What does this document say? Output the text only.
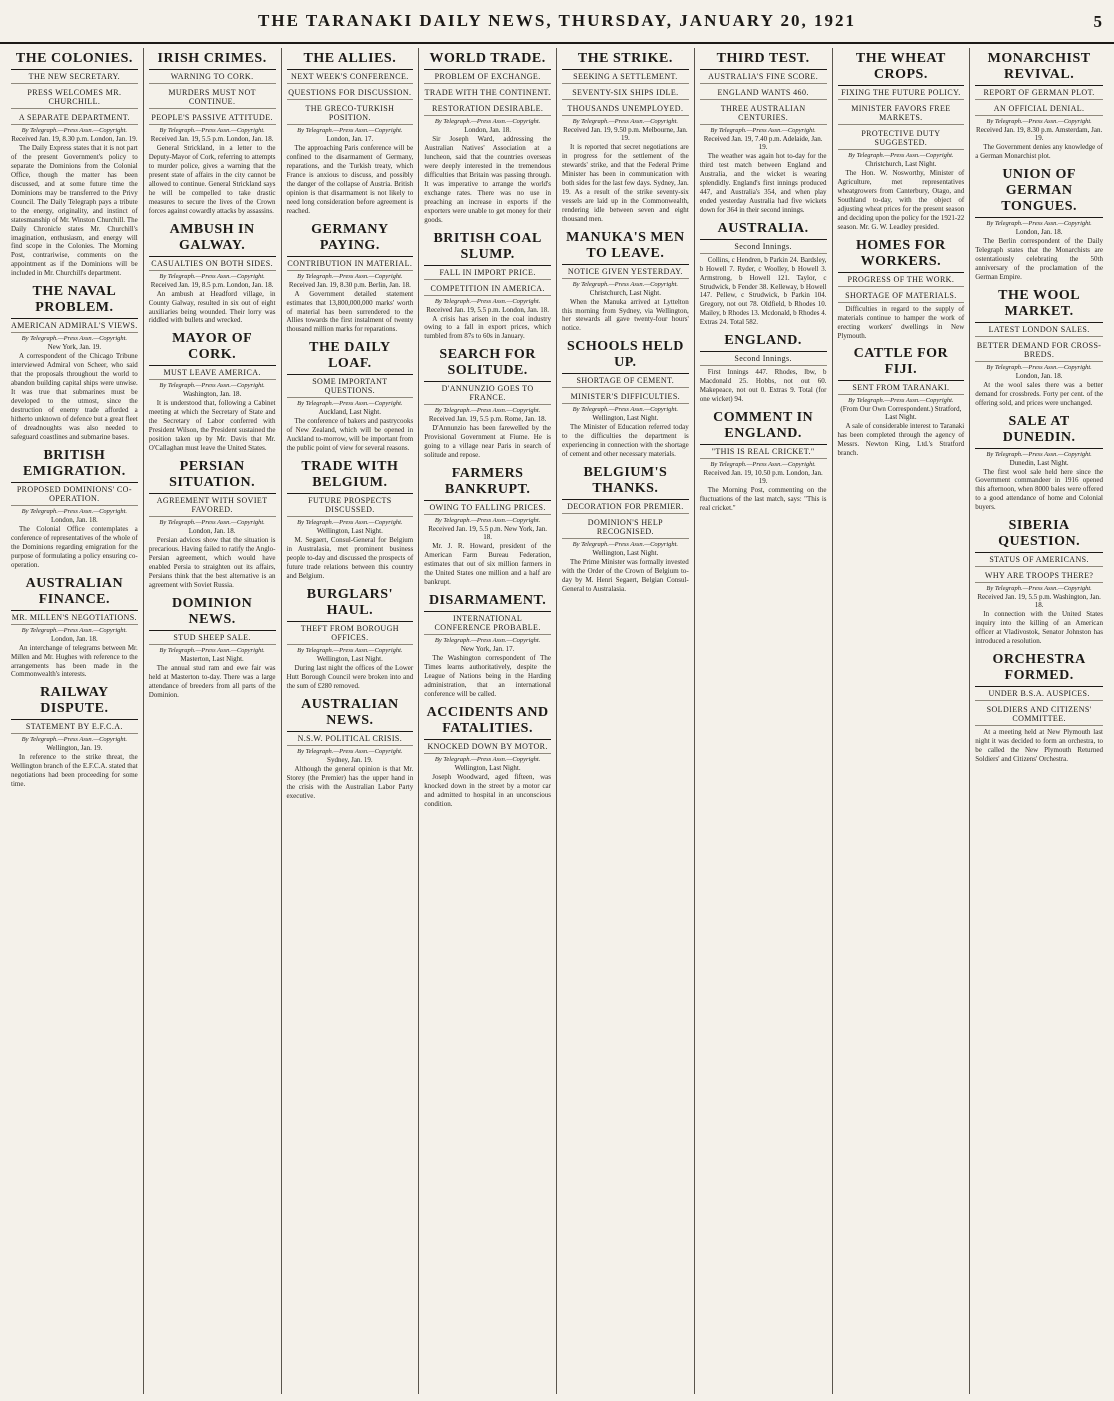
THE TARANAKI DAILY NEWS, THURSDAY, JANUARY 20, 1921	5
THE COLONIES.
THE NEW SECRETARY.
PRESS WELCOMES MR. CHURCHILL.
A SEPARATE DEPARTMENT.
By Telegraph.—Press Assn.—Copyright.
Received Jan. 19, 8.30 p.m. London, Jan. 19.
The Daily Express states that it is not part of the present Government's policy to separate the Dominions from the Colonial Office, though the matter has been discussed, and at some future time the Dominions may be transferred to the Privy Council. The Daily Telegraph pays a tribute to the energy, originality, and instinct of statesmanship of Mr. Winston Churchill. The Daily Chronicle states Mr. Churchill's imagination, enthusiasm, and energy will find scope in the Colonies. The Morning Post, contrariwise, comments on the appointment as if the Dominions will be included in Mr. Churchill's department.
THE NAVAL PROBLEM.
AMERICAN ADMIRAL'S VIEWS.
By Telegraph.—Press Assn.—Copyright.
New York, Jan. 19.
A correspondent of the Chicago Tribune interviewed Admiral von Scheer, who said that the proposals throughout the world to abandon building capital ships were unwise. It was true that submarines must be developed to the utmost, since the destruction of enemy trade afforded a hitherto unknown of defence but a great fleet of dreadnoughts was also needed to safeguard coastlines and submarine bases.
BRITISH EMIGRATION.
PROPOSED DOMINIONS' CO-OPERATION.
By Telegraph.—Press Assn.—Copyright.
London, Jan. 18.
The Colonial Office contemplates a conference of representatives of the whole of the Dominions regarding emigration for the purpose of formulating a policy ensuring co-operation.
AUSTRALIAN FINANCE.
MR. MILLEN'S NEGOTIATIONS.
By Telegraph.—Press Assn.—Copyright.
London, Jan. 18.
An interchange of telegrams between Mr. Millen and Mr. Hughes with reference to the arrangements has been made in the Commonwealth's interests.
RAILWAY DISPUTE.
STATEMENT BY E.F.C.A.
By Telegraph.—Press Assn.—Copyright.
Wellington, Jan. 19.
In reference to the strike threat, the Wellington branch of the E.F.C.A. stated that negotiations had been proceeding for some time.
IRISH CRIMES.
WARNING TO CORK.
MURDERS MUST NOT CONTINUE.
PEOPLE'S PASSIVE ATTITUDE.
By Telegraph.—Press Assn.—Copyright.
Received Jan. 19, 5.5 p.m. London, Jan. 18.
General Strickland, in a letter to the Deputy-Mayor of Cork, referring to attempts to murder police, gives a warning that the present state of affairs in the city cannot be allowed to continue. General Strickland says he will be compelled to take drastic measures to secure the lives of the Crown forces against cowardly attacks by assassins.
AMBUSH IN GALWAY.
CASUALTIES ON BOTH SIDES.
By Telegraph.—Press Assn.—Copyright.
Received Jan. 19, 8.5 p.m. London, Jan. 18.
An ambush at Headford village, in County Galway, resulted in six out of eight auxiliaries being wounded. Their lorry was riddled with bullets and wrecked.
MAYOR OF CORK.
MUST LEAVE AMERICA.
By Telegraph.—Press Assn.—Copyright.
Washington, Jan. 18.
It is understood that, following a Cabinet meeting at which the Secretary of State and the Secretary of Labor conferred with President Wilson, the President sustained the position taken up by Mr. Davis that Mr. O'Callaghan must leave the United States.
PERSIAN SITUATION.
AGREEMENT WITH SOVIET FAVORED.
By Telegraph.—Press Assn.—Copyright.
London, Jan. 18.
Persian advices show that the situation is precarious. Having failed to ratify the Anglo-Persian agreement, which would have enabled Persia to straighten out its affairs, Persians think that the best alternative is an agreement with Soviet Russia.
DOMINION NEWS.
STUD SHEEP SALE.
By Telegraph.—Press Assn.—Copyright.
Masterton, Last Night.
The annual stud ram and ewe fair was held at Masterton to-day. There was a large attendance of breeders from all parts of the Dominion.
THE ALLIES.
NEXT WEEK'S CONFERENCE.
QUESTIONS FOR DISCUSSION.
THE GRECO-TURKISH POSITION.
By Telegraph.—Press Assn.—Copyright.
London, Jan. 17.
The approaching Paris conference will be confined to the disarmament of Germany, reparations, and the Turkish treaty, which France is anxious to discuss, and possibly the danger of the collapse of Austria. British opinion is that disarmament is not likely to need long consideration before agreement is reached.
GERMANY PAYING.
CONTRIBUTION IN MATERIAL.
By Telegraph.—Press Assn.—Copyright.
Received Jan. 19, 8.30 p.m. Berlin, Jan. 18.
A Government detailed statement estimates that 13,800,000,000 marks' worth of material has been surrendered to the Allies towards the first instalment of twenty thousand million marks for reparations.
THE DAILY LOAF.
SOME IMPORTANT QUESTIONS.
By Telegraph.—Press Assn.—Copyright.
Auckland, Last Night.
The conference of bakers and pastrycooks of New Zealand, which will be opened in Auckland to-morrow, will be important from the public point of view for several reasons.
TRADE WITH BELGIUM.
FUTURE PROSPECTS DISCUSSED.
By Telegraph.—Press Assn.—Copyright.
Wellington, Last Night.
M. Segaert, Consul-General for Belgium in Australasia, met prominent business people to-day and discussed the prospects of future trade relations between this country and Belgium.
BURGLARS' HAUL.
THEFT FROM BOROUGH OFFICES.
By Telegraph.—Press Assn.—Copyright.
Wellington, Last Night.
During last night the offices of the Lower Hutt Borough Council were broken into and the sum of £280 removed.
AUSTRALIAN NEWS.
N.S.W. POLITICAL CRISIS.
By Telegraph.—Press Assn.—Copyright.
Sydney, Jan. 19.
Although the general opinion is that Mr. Storey (the Premier) has the upper hand in the crisis with the Australian Labor Party executive.
WORLD TRADE.
PROBLEM OF EXCHANGE.
TRADE WITH THE CONTINENT.
RESTORATION DESIRABLE.
By Telegraph.—Press Assn.—Copyright.
London, Jan. 18.
Sir Joseph Ward, addressing the Australian Natives' Association at a luncheon, said that the countries overseas were deeply interested in the tremendous difficulties that Britain was passing through. It was imperative to arrange the world's exchange rates. There was no use in preaching an increase in exports if the exporters were unable to get money for their goods.
BRITISH COAL SLUMP.
FALL IN IMPORT PRICE.
COMPETITION IN AMERICA.
By Telegraph.—Press Assn.—Copyright.
Received Jan. 19, 5.5 p.m. London, Jan. 18.
A crisis has arisen in the coal industry owing to a fall in export prices, which tumbled from 87s to 60s in January.
SEARCH FOR SOLITUDE.
D'ANNUNZIO GOES TO FRANCE.
By Telegraph.—Press Assn.—Copyright.
Received Jan. 19, 5.5 p.m. Rome, Jan. 18.
D'Annunzio has been farewelled by the Provisional Government at Fiume. He is going to a village near Paris in search of solitude and repose.
FARMERS BANKRUPT.
OWING TO FALLING PRICES.
By Telegraph.—Press Assn.—Copyright.
Received Jan. 19, 5.5 p.m. New York, Jan. 18.
Mr. J. R. Howard, president of the American Farm Bureau Federation, estimates that out of six million farmers in the United States one million and a half are bankrupt.
DISARMAMENT.
INTERNATIONAL CONFERENCE PROBABLE.
By Telegraph.—Press Assn.—Copyright.
New York, Jan. 17.
The Washington correspondent of The Times learns authoritatively, despite the League of Nations being in the Harding administration, that an international conference will be called.
ACCIDENTS AND FATALITIES.
KNOCKED DOWN BY MOTOR.
By Telegraph.—Press Assn.—Copyright.
Wellington, Last Night.
Joseph Woodward, aged fifteen, was knocked down in the street by a motor car and admitted to hospital in an unconscious condition.
THE STRIKE.
SEEKING A SETTLEMENT.
SEVENTY-SIX SHIPS IDLE.
THOUSANDS UNEMPLOYED.
By Telegraph.—Press Assn.—Copyright.
Received Jan. 19, 9.50 p.m. Melbourne, Jan. 19.
It is reported that secret negotiations are in progress for the settlement of the stewards' strike, and that the Federal Prime Minister has been in communication with both sides for the last few days. Sydney, Jan. 19. As a result of the strike seventy-six vessels are laid up in the Commonwealth, rendering idle between seven and eight thousand men.
MANUKA'S MEN TO LEAVE.
NOTICE GIVEN YESTERDAY.
By Telegraph.—Press Assn.—Copyright.
Christchurch, Last Night.
When the Manuka arrived at Lyttelton this morning from Sydney, via Wellington, her stewards all gave twenty-four hours' notice.
SCHOOLS HELD UP.
SHORTAGE OF CEMENT.
MINISTER'S DIFFICULTIES.
By Telegraph.—Press Assn.—Copyright.
Wellington, Last Night.
The Minister of Education referred today to the difficulties the department is experiencing in connection with the shortage of cement and other necessary materials.
BELGIUM'S THANKS.
DECORATION FOR PREMIER.
DOMINION'S HELP RECOGNISED.
By Telegraph.—Press Assn.—Copyright.
Wellington, Last Night.
The Prime Minister was formally invested with the Order of the Crown of Belgium to-day by M. Henri Segaert, Belgian Consul-General to Australasia.
THIRD TEST.
AUSTRALIA'S FINE SCORE.
ENGLAND WANTS 460.
THREE AUSTRALIAN CENTURIES.
By Telegraph.—Press Assn.—Copyright.
Received Jan. 19, 7.40 p.m. Adelaide, Jan. 19.
The weather was again hot to-day for the third test match between England and Australia, and the wicket is wearing splendidly. England's first innings produced 447, and Australia's 354, and when play ended yesterday Australia had five wickets down for 364 in their second innings.
AUSTRALIA.
Second Innings.
Collins, c Hendren, b Parkin 24. Bardsley, b Howell 7. Ryder, c Woolley, b Howell 3. Armstrong, b Howell 121. Taylor, c Strudwick, b Fender 38. Kelleway, b Howell 147. Pellew, c Strudwick, b Parkin 104. Gregory, not out 78. Oldfield, b Rhodes 10. Mailey, b Rhodes 13. Mcdonald, b Rhodes 4. Extras 24. Total 582.
ENGLAND.
Second Innings.
First Innings 447. Rhodes, lbw, b Macdonald 25. Hobbs, not out 60. Makepeace, not out 0. Extras 9. Total (for one wicket) 94.
COMMENT IN ENGLAND.
"THIS IS REAL CRICKET."
By Telegraph.—Press Assn.—Copyright.
Received Jan. 19, 10.50 p.m. London, Jan. 19.
The Morning Post, commenting on the fluctuations of the last match, says: "This is real cricket."
THE WHEAT CROPS.
FIXING THE FUTURE POLICY.
MINISTER FAVORS FREE MARKETS.
PROTECTIVE DUTY SUGGESTED.
By Telegraph.—Press Assn.—Copyright.
Christchurch, Last Night.
The Hon. W. Nosworthy, Minister of Agriculture, met representatives wheatgrowers from Canterbury, Otago, and Southland to-day, with the object of adjusting wheat prices for the present season and deciding upon the policy for the 1921-22 season. Mr. G. W. Leadley presided.
HOMES FOR WORKERS.
PROGRESS OF THE WORK.
SHORTAGE OF MATERIALS.
Difficulties in regard to the supply of materials continue to hamper the work of erecting workers' dwellings in New Plymouth.
CATTLE FOR FIJI.
SENT FROM TARANAKI.
By Telegraph.—Press Assn.—Copyright.
(From Our Own Correspondent.) Stratford, Last Night.
A sale of considerable interest to Taranaki has been completed through the agency of Messrs. Newton King, Ltd.'s Stratford branch.
MONARCHIST REVIVAL.
REPORT OF GERMAN PLOT.
AN OFFICIAL DENIAL.
By Telegraph.—Press Assn.—Copyright.
Received Jan. 19, 8.30 p.m. Amsterdam, Jan. 19.
The Government denies any knowledge of a German Monarchist plot.
UNION OF GERMAN TONGUES.
By Telegraph.—Press Assn.—Copyright.
London, Jan. 18.
The Berlin correspondent of the Daily Telegraph states that the Monarchists are ostentatiously celebrating the 50th anniversary of the proclamation of the German Empire.
THE WOOL MARKET.
LATEST LONDON SALES.
BETTER DEMAND FOR CROSS-BREDS.
By Telegraph.—Press Assn.—Copyright.
London, Jan. 18.
At the wool sales there was a better demand for crossbreds. Forty per cent. of the offering sold, and prices were unchanged.
SALE AT DUNEDIN.
By Telegraph.—Press Assn.—Copyright.
Dunedin, Last Night.
The first wool sale held here since the Government commandeer in 1916 opened this afternoon, when 8000 bales were offered to a good attendance of home and Colonial buyers.
SIBERIA QUESTION.
STATUS OF AMERICANS.
WHY ARE TROOPS THERE?
By Telegraph.—Press Assn.—Copyright.
Received Jan. 19, 5.5 p.m. Washington, Jan. 18.
In connection with the United States inquiry into the killing of an American officer at Vladivostok, Senator Johnston has introduced a resolution.
ORCHESTRA FORMED.
UNDER B.S.A. AUSPICES.
SOLDIERS AND CITIZENS' COMMITTEE.
At a meeting held at New Plymouth last night it was decided to form an orchestra, to be called the New Plymouth Returned Soldiers' and Citizens' Orchestra.
